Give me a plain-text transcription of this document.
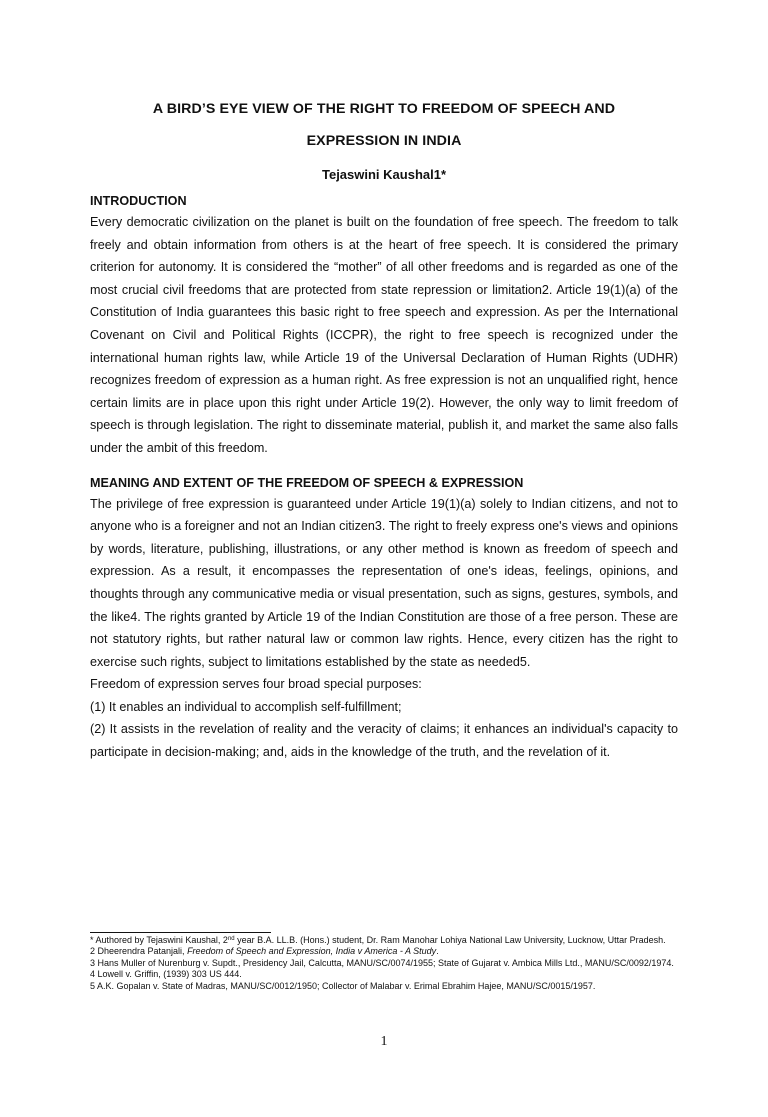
A BIRD’S EYE VIEW OF THE RIGHT TO FREEDOM OF SPEECH AND
EXPRESSION IN INDIA
Tejaswini Kaushal1*
INTRODUCTION

Every democratic civilization on the planet is built on the foundation of free speech. The freedom to talk freely and obtain information from others is at the heart of free speech. It is considered the primary criterion for autonomy. It is considered the “mother” of all other freedoms and is regarded as one of the most crucial civil freedoms that are protected from state repression or limitation2. Article 19(1)(a) of the Constitution of India guarantees this basic right to free speech and expression. As per the International Covenant on Civil and Political Rights (ICCPR), the right to free speech is recognized under the international human rights law, while Article 19 of the Universal Declaration of Human Rights (UDHR) recognizes freedom of expression as a human right. As free expression is not an unqualified right, hence certain limits are in place upon this right under Article 19(2). However, the only way to limit freedom of speech is through legislation. The right to disseminate material, publish it, and market the same also falls under the ambit of this freedom.

MEANING AND EXTENT OF THE FREEDOM OF SPEECH & EXPRESSION

The privilege of free expression is guaranteed under Article 19(1)(a) solely to Indian citizens, and not to anyone who is a foreigner and not an Indian citizen3. The right to freely express one's views and opinions by words, literature, publishing, illustrations, or any other method is known as freedom of speech and expression. As a result, it encompasses the representation of one's ideas, feelings, opinions, and thoughts through any communicative media or visual presentation, such as signs, gestures, symbols, and the like4. The rights granted by Article 19 of the Indian Constitution are those of a free person. These are not statutory rights, but rather natural law or common law rights. Hence, every citizen has the right to exercise such rights, subject to limitations established by the state as needed5.

Freedom of expression serves four broad special purposes:

(1) It enables an individual to accomplish self-fulfillment;

(2) It assists in the revelation of reality and the veracity of claims; it enhances an individual's capacity to participate in decision-making; and, aids in the knowledge of the truth, and the revelation of it.

* Authored by Tejaswini Kaushal, 2nd year B.A. LL.B. (Hons.) student, Dr. Ram Manohar Lohiya National Law University, Lucknow, Uttar Pradesh.
2 Dheerendra Patanjali, Freedom of Speech and Expression, India v America - A Study.
3 Hans Muller of Nurenburg v. Supdt., Presidency Jail, Calcutta, MANU/SC/0074/1955; State of Gujarat v. Ambica Mills Ltd., MANU/SC/0092/1974.
4 Lowell v. Griffin, (1939) 303 US 444.
5 A.K. Gopalan v. State of Madras, MANU/SC/0012/1950; Collector of Malabar v. Erimal Ebrahim Hajee, MANU/SC/0015/1957.
1
